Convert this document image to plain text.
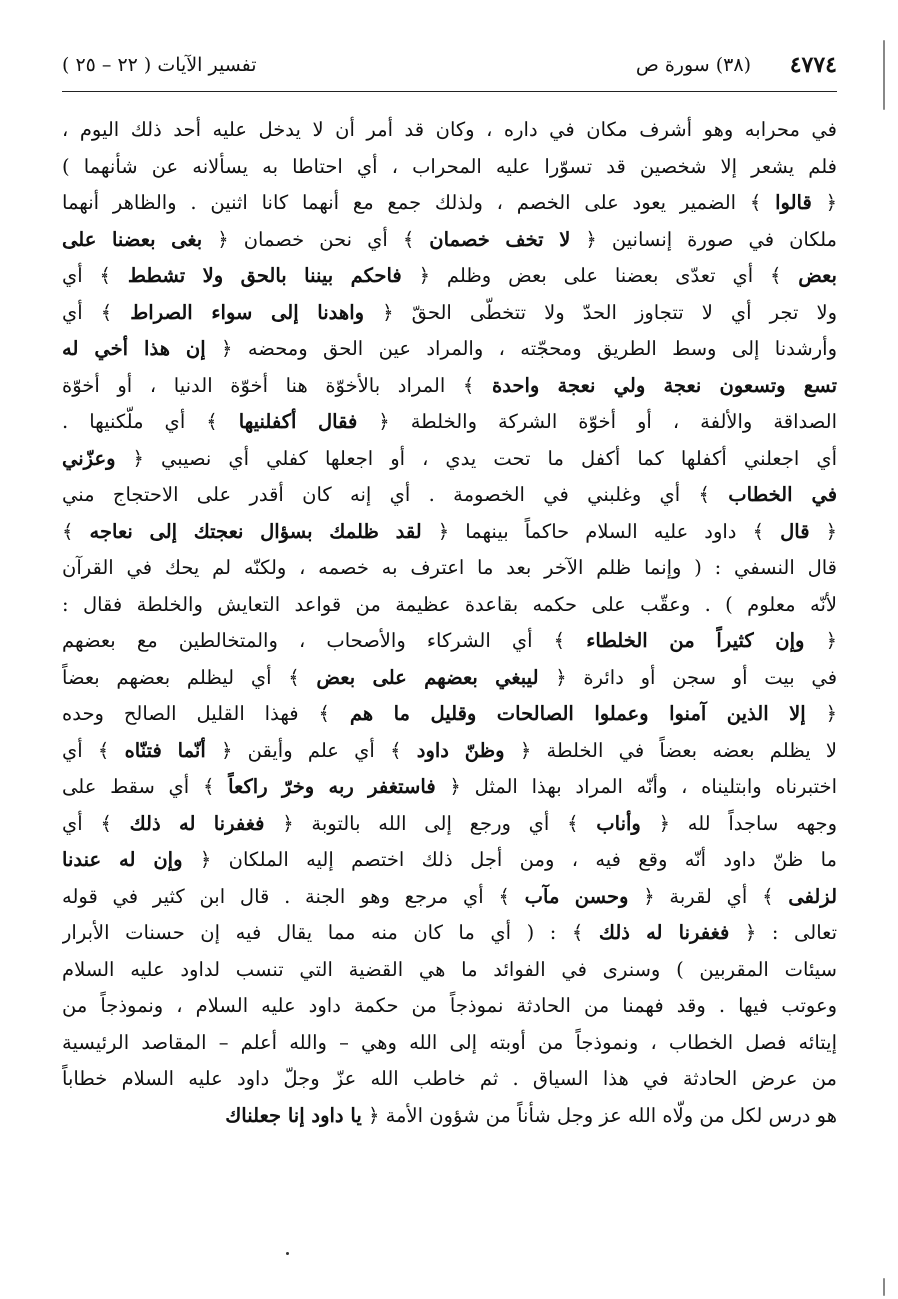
٤٧٧٤
(٣٨) سورة ص
تفسير الآيات ( ٢٢ – ٢٥ )
في محرابه وهو أشرف مكان في داره ، وكان قد أمر أن لا يدخل عليه أحد ذلك اليوم ،
فلم يشعر إلا شخصين قد تسوّرا عليه المحراب ، أي احتاطا به يسألانه عن شأنهما )
﴿ قالوا ﴾ الضمير يعود على الخصم ، ولذلك جمع مع أنهما كانا اثنين . والظاهر أنهما
ملكان في صورة إنسانين ﴿ لا تخف خصمان ﴾ أي نحن خصمان ﴿ بغى بعضنا على
بعض ﴾ أي تعدّى بعضنا على بعض وظلم ﴿ فاحكم بيننا بالحق ولا تشطط ﴾ أي
ولا تجر أي لا تتجاوز الحدّ ولا تتخطّى الحقّ ﴿ واهدنا إلى سواء الصراط ﴾ أي
وأرشدنا إلى وسط الطريق ومحجّته ، والمراد عين الحق ومحضه ﴿ إن هذا أخي له
تسع وتسعون نعجة ولي نعجة واحدة ﴾ المراد بالأخوّة هنا أخوّة الدنيا ، أو أخوّة
الصداقة والألفة ، أو أخوّة الشركة والخلطة ﴿ فقال أكفلنيها ﴾ أي ملّكنيها .
أي اجعلني أكفلها كما أكفل ما تحت يدي ، أو اجعلها كفلي أي نصيبي ﴿ وعزّني
في الخطاب ﴾ أي وغلبني في الخصومة . أي إنه كان أقدر على الاحتجاج مني
﴿ قال ﴾ داود عليه السلام حاكماً بينهما ﴿ لقد ظلمك بسؤال نعجتك إلى نعاجه ﴾
قال النسفي : ( وإنما ظلم الآخر بعد ما اعترف به خصمه ، ولكنّه لم يحك في القرآن
لأنّه معلوم ) . وعقّب على حكمه بقاعدة عظيمة من قواعد التعايش والخلطة فقال :
﴿ وإن كثيراً من الخلطاء ﴾ أي الشركاء والأصحاب ، والمتخالطين مع بعضهم
في بيت أو سجن أو دائرة ﴿ ليبغي بعضهم على بعض ﴾ أي ليظلم بعضهم بعضاً
﴿ إلا الذين آمنوا وعملوا الصالحات وقليل ما هم ﴾ فهذا القليل الصالح وحده
لا يظلم بعضه بعضاً في الخلطة ﴿ وظنّ داود ﴾ أي علم وأيقن ﴿ أنّما فتنّاه ﴾ أي
اختبرناه وابتليناه ، وأنّه المراد بهذا المثل ﴿ فاستغفر ربه وخرّ راكعاً ﴾ أي سقط على
وجهه ساجداً لله ﴿ وأناب ﴾ أي ورجع إلى الله بالتوبة ﴿ فغفرنا له ذلك ﴾ أي
ما ظنّ داود أنّه وقع فيه ، ومن أجل ذلك اختصم إليه الملكان ﴿ وإن له عندنا
لزلفى ﴾ أي لقربة ﴿ وحسن مآب ﴾ أي مرجع وهو الجنة . قال ابن كثير في قوله
تعالى : ﴿ فغفرنا له ذلك ﴾ : ( أي ما كان منه مما يقال فيه إن حسنات الأبرار
سيئات المقربين ) وسنرى في الفوائد ما هي القضية التي تنسب لداود عليه السلام
وعوتب فيها . وقد فهمنا من الحادثة نموذجاً من حكمة داود عليه السلام ، ونموذجاً من
إيتائه فصل الخطاب ، ونموذجاً من أوبته إلى الله وهي – والله أعلم – المقاصد الرئيسية
من عرض الحادثة في هذا السياق . ثم خاطب الله عزّ وجلّ داود عليه السلام خطاباً
هو درس لكل من ولّاه الله عز وجل شأناً من شؤون الأمة ﴿ يا داود إنا جعلناك
